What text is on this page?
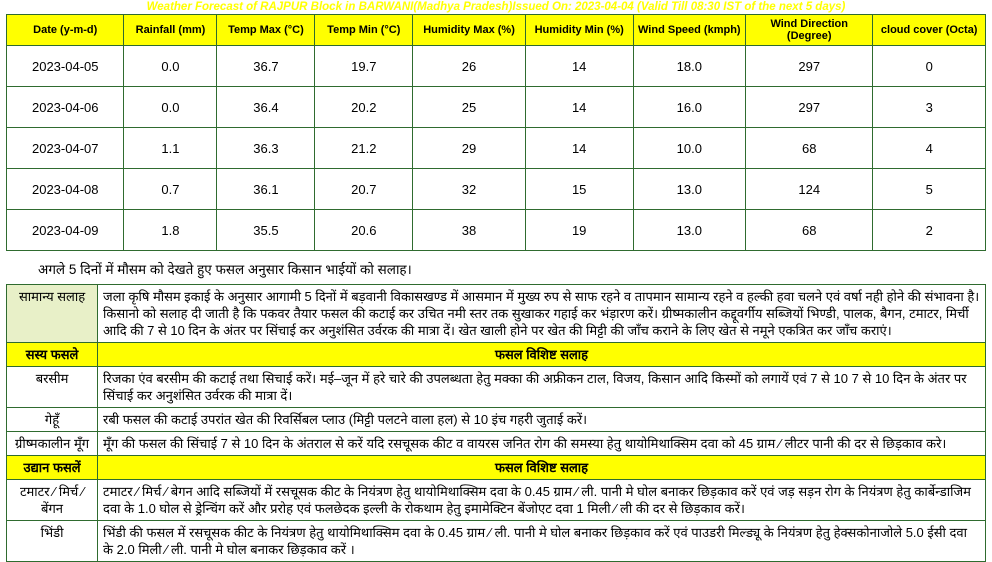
Weather Forecast of RAJPUR Block in BARWANI(Madhya Pradesh)Issued On: 2023-04-04 (Valid Till 08:30 IST of the next 5 days)
Date (y-m-d)	Rainfall (mm)	Temp Max (°C)	Temp Min (°C)	Humidity Max (%)	Humidity Min (%)	Wind Speed (kmph)	Wind Direction (Degree)	cloud cover (Octa)
2023-04-05	0.0	36.7	19.7	26	14	18.0	297	0
2023-04-06	0.0	36.4	20.2	25	14	16.0	297	3
2023-04-07	1.1	36.3	21.2	29	14	10.0	68	4
2023-04-08	0.7	36.1	20.7	32	15	13.0	124	5
2023-04-09	1.8	35.5	20.6	38	19	13.0	68	2
अगले 5 दिनों में मौसम को देखते हुए फसल अनुसार किसान भाईयों को सलाह।
सामान्य सलाह	जला कृषि मौसम इकाई के अनुसार आगामी 5 दिनों में बड़वानी विकासखण्ड में आसमान में मुख्य रुप से साफ रहने व तापमान सामान्य रहने व हल्की हवा चलने एवं वर्षा नही होने की संभावना है। किसानो को सलाह दी जाती है कि पकवर तैयार फसल की कटाई कर उचित नमी स्तर तक सुखाकर गहाई कर भंड़ारण करें। ग्रीष्मकालीन कद्दूवर्गीय सब्जियों भिण्डी, पालक, बैगन, टमाटर, मिर्ची आदि की 7 से 10 दिन के अंतर पर सिंचाई कर अनुशंसित उर्वरक की मात्रा दें। खेत खाली होने पर खेत की मिट्टी की जाँच कराने के लिए खेत से नमूने एकत्रित कर जाँच कराएं।
सस्य फसले	फसल विशिष्ट सलाह
बरसीम	रिजका एंव बरसीम की कटाई तथा सिचाई करें। मई–जून में हरे चारे की उपलब्धता हेतु मक्का की अफ्रीकन टाल, विजय, किसान आदि किस्मों को लगायें एवं 7 से 10 7 से 10 दिन के अंतर पर सिंचाई कर अनुशंसित उर्वरक की मात्रा दें।
गेहूँ	रबी फसल की कटाई उपरांत खेत की रिवर्सिबल प्लाउ (मिट्टी पलटने वाला हल) से 10 इंच गहरी जुताई करें।
ग्रीष्मकालीन मूँग	मूँग की फसल की सिंचाई 7 से 10 दिन के अंतराल से करें यदि रसचूसक कीट व वायरस जनित रोग की समस्या हेतु थायोमिथाक्सिम दवा को 45 ग्राम ⁄ लीटर पानी की दर से छिड़काव करे।
उद्यान फसलें	फसल विशिष्ट सलाह
टमाटर ⁄ मिर्च ⁄ बेंगन	टमाटर ⁄ मिर्च ⁄ बेगन आदि सब्जियों में रसचूसक कीट के नियंत्रण हेतु थायोमिथाक्सिम दवा के 0.45 ग्राम ⁄ ली. पानी मे घोल बनाकर छिड़काव करें एवं जड़ सड़न रोग के नियंत्रण हेतु कार्बेन्डाजिम दवा के 1.0 घोल से ड्रेन्चिंग करें और प्ररोह एवं फलछेदक इल्ली के रोकथाम हेतु इमामेक्टिन बेंजोएट दवा 1 मिली ⁄ ली की दर से छिड़काव करें।
भिंडी	भिंडी की फसल में रसचूसक कीट के नियंत्रण हेतु थायोमिथाक्सिम दवा के 0.45 ग्राम ⁄ ली. पानी मे घोल बनाकर छिड़काव करें एवं पाउडरी मिल्ड्यू के नियंत्रण हेतु हेक्सकोनाजोले 5.0 ईसी दवा के 2.0 मिली ⁄ ली. पानी मे घोल बनाकर छिड़काव करें ।
